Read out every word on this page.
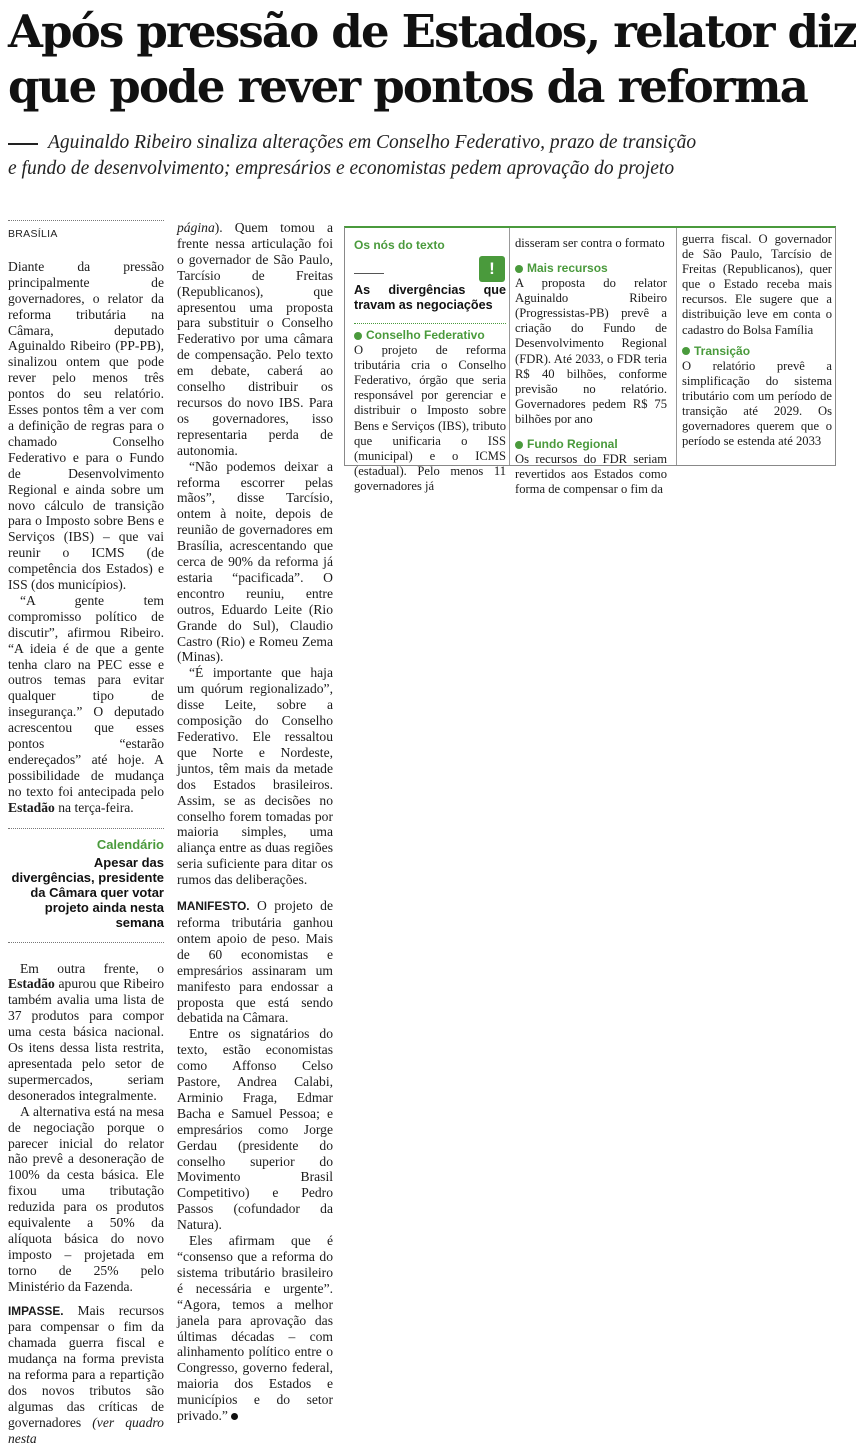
Após pressão de Estados, relator diz
que pode rever pontos da reforma
Aguinaldo Ribeiro sinaliza alterações em Conselho Federativo, prazo de transição
e fundo de desenvolvimento; empresários e economistas pedem aprovação do projeto
BRASÍLIA

Diante da pressão principalmente de governadores, o relator da reforma tributária na Câmara, deputado Aguinaldo Ribeiro (PP-PB), sinalizou ontem que pode rever pelo menos três pontos do seu relatório. Esses pontos têm a ver com a definição de regras para o chamado Conselho Federativo e para o Fundo de Desenvolvimento Regional e ainda sobre um novo cálculo de transição para o Imposto sobre Bens e Serviços (IBS) – que vai reunir o ICMS (de competência dos Estados) e ISS (dos municípios).

“A gente tem compromisso político de discutir”, afirmou Ribeiro. “A ideia é de que a gente tenha claro na PEC esse e outros temas para evitar qualquer tipo de insegurança.” O deputado acrescentou que esses pontos “estarão endereçados” até hoje. A possibilidade de mudança no texto foi antecipada pelo Estadão na terça-feira.

Calendário
Apesar das divergências, presidente da Câmara quer votar projeto ainda nesta semana

Em outra frente, o Estadão apurou que Ribeiro também avalia uma lista de 37 produtos para compor uma cesta básica nacional. Os itens dessa lista restrita, apresentada pelo setor de supermercados, seriam desonerados integralmente.

A alternativa está na mesa de negociação porque o parecer inicial do relator não prevê a desoneração de 100% da cesta básica. Ele fixou uma tributação reduzida para os produtos equivalente a 50% da alíquota básica do novo imposto – projetada em torno de 25% pelo Ministério da Fazenda.

IMPASSE. Mais recursos para compensar o fim da chamada guerra fiscal e mudança na forma prevista na reforma para a repartição dos novos tributos são algumas das críticas de governadores (ver quadro nesta

página). Quem tomou a frente nessa articulação foi o governador de São Paulo, Tarcísio de Freitas (Republicanos), que apresentou uma proposta para substituir o Conselho Federativo por uma câmara de compensação. Pelo texto em debate, caberá ao conselho distribuir os recursos do novo IBS. Para os governadores, isso representaria perda de autonomia.

“Não podemos deixar a reforma escorrer pelas mãos”, disse Tarcísio, ontem à noite, depois de reunião de governadores em Brasília, acrescentando que cerca de 90% da reforma já estaria “pacificada”. O encontro reuniu, entre outros, Eduardo Leite (Rio Grande do Sul), Claudio Castro (Rio) e Romeu Zema (Minas).

“É importante que haja um quórum regionalizado”, disse Leite, sobre a composição do Conselho Federativo. Ele ressaltou que Norte e Nordeste, juntos, têm mais da metade dos Estados brasileiros. Assim, se as decisões no conselho forem tomadas por maioria simples, uma aliança entre as duas regiões seria suficiente para ditar os rumos das deliberações.

MANIFESTO. O projeto de reforma tributária ganhou ontem apoio de peso. Mais de 60 economistas e empresários assinaram um manifesto para endossar a proposta que está sendo debatida na Câmara.

Entre os signatários do texto, estão economistas como Affonso Celso Pastore, Andrea Calabi, Arminio Fraga, Edmar Bacha e Samuel Pessoa; e empresários como Jorge Gerdau (presidente do conselho superior do Movimento Brasil Competitivo) e Pedro Passos (cofundador da Natura).

Eles afirmam que é “consenso que a reforma do sistema tributário brasileiro é necessária e urgente”. “Agora, temos a melhor janela para aprovação das últimas décadas – com alinhamento político entre o Congresso, governo federal, maioria dos Estados e municípios e do setor privado.”

Os nós do texto
!
As divergências que travam as negociações
Conselho Federativo
O projeto de reforma tributária cria o Conselho Federativo, órgão que seria responsável por gerenciar e distribuir o Imposto sobre Bens e Serviços (IBS), tributo que unificaria o ISS (municipal) e o ICMS (estadual). Pelo menos 11 governadores já
disseram ser contra o formato
Mais recursos
A proposta do relator Aguinaldo Ribeiro (Progressistas-PB) prevê a criação do Fundo de Desenvolvimento Regional (FDR). Até 2033, o FDR teria R$ 40 bilhões, conforme previsão no relatório. Governadores pedem R$ 75 bilhões por ano
Fundo Regional
Os recursos do FDR seriam revertidos aos Estados como forma de compensar o fim da
guerra fiscal. O governador de São Paulo, Tarcísio de Freitas (Republicanos), quer que o Estado receba mais recursos. Ele sugere que a distribuição leve em conta o cadastro do Bolsa Família
Transição
O relatório prevê a simplificação do sistema tributário com um período de transição até 2029. Os governadores querem que o período se estenda até 2033
